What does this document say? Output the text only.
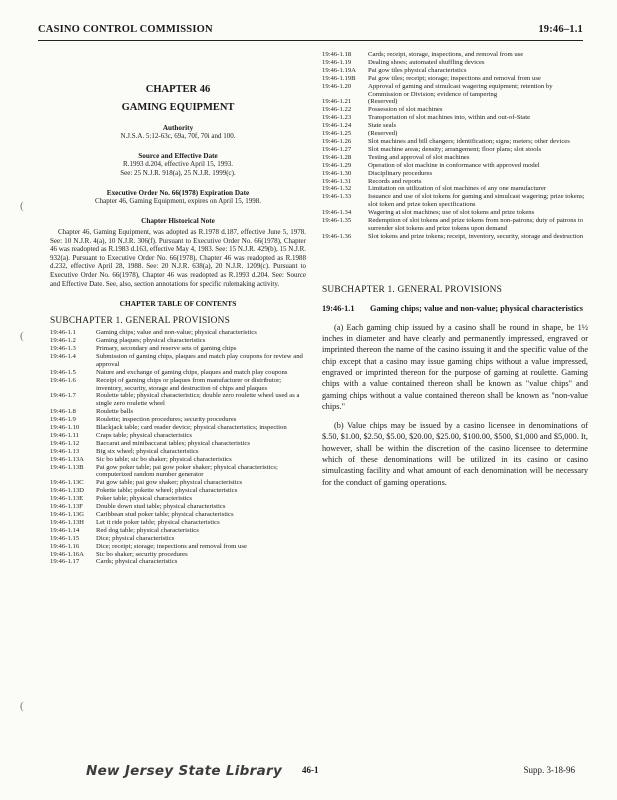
CASINO CONTROL COMMISSION	19:46–1.1
CHAPTER 46
GAMING EQUIPMENT
Authority
N.J.S.A. 5:12-63c, 69a, 70f, 70i and 100.
Source and Effective Date
R.1993 d.204, effective April 15, 1993.
See: 25 N.J.R. 918(a), 25 N.J.R. 1999(c).
Executive Order No. 66(1978) Expiration Date
Chapter 46, Gaming Equipment, expires on April 15, 1998.
Chapter Historical Note
Chapter 46, Gaming Equipment, was adopted as R.1978 d.187, effective June 5, 1978. See: 10 N.J.R. 4(a), 10 N.J.R. 306(f). Pursuant to Executive Order No. 66(1978), Chapter 46 was readopted as R.1983 d.163, effective May 4, 1983. See: 15 N.J.R. 429(b), 15 N.J.R. 932(a). Pursuant to Executive Order No. 66(1978), Chapter 46 was readopted as R.1988 d.232, effective April 28, 1988. See: 20 N.J.R. 638(a), 20 N.J.R. 1209(c). Pursuant to Executive Order No. 66(1978), Chapter 46 was readopted as R.1993 d.204. See: Source and Effective Date. See, also, section annotations for specific rulemaking activity.
CHAPTER TABLE OF CONTENTS
SUBCHAPTER 1. GENERAL PROVISIONS
19:46-1.1	Gaming chips; value and non-value; physical characteristics
19:46-1.2	Gaming plaques; physical characteristics
19:46-1.3	Primary, secondary and reserve sets of gaming chips
19:46-1.4	Submission of gaming chips, plaques and match play coupons for review and approval
19:46-1.5	Nature and exchange of gaming chips, plaques and match play coupons
19:46-1.6	Receipt of gaming chips or plaques from manufacturer or distributor; inventory, security, storage and destruction of chips and plaques
19:46-1.7	Roulette table; physical characteristics; double zero roulette wheel used as a single zero roulette wheel
19:46-1.8	Roulette balls
19:46-1.9	Roulette; inspection procedures; security procedures
19:46-1.10	Blackjack table; card reader device; physical characteristics; inspection
19:46-1.11	Craps table; physical characteristics
19:46-1.12	Baccarat and minibaccarat tables; physical characteristics
19:46-1.13	Big six wheel; physical characteristics
19:46-1.13A	Sic bo table; sic bo shaker; physical characteristics
19:46-1.13B	Pai gow poker table; pai gow poker shaker; physical characteristics; computerized random number generator
19:46-1.13C	Pai gow table; pai gow shaker; physical characteristics
19:46-1.13D	Pokette table; pokette wheel; physical characteristics
19:46-1.13E	Poker table; physical characteristics
19:46-1.13F	Double down stud table; physical characteristics
19:46-1.13G	Caribbean stud poker table; physical characteristics
19:46-1.13H	Let it ride poker table; physical characteristics
19:46-1.14	Red dog table; physical characteristics
19:46-1.15	Dice; physical characteristics
19:46-1.16	Dice; receipt; storage; inspections and removal from use
19:46-1.16A	Sic bo shaker; security procedures
19:46-1.17	Cards; physical characteristics
19:46-1.18	Cards; receipt, storage, inspections, and removal from use
19:46-1.19	Dealing shoes; automated shuffling devices
19:46-1.19A	Pai gow tiles physical characteristics
19:46-1.19B	Pai gow tiles; receipt; storage; inspections and removal from use
19:46-1.20	Approval of gaming and simulcast wagering equipment; retention by Commission or Division; evidence of tampering
19:46-1.21	(Reserved)
19:46-1.22	Possession of slot machines
19:46-1.23	Transportation of slot machines into, within and out-of-State
19:46-1.24	State seals
19:46-1.25	(Reserved)
19:46-1.26	Slot machines and bill changers; identification; signs; meters; other devices
19:46-1.27	Slot machine areas; density; arrangement; floor plans; slot stools
19:46-1.28	Testing and approval of slot machines
19:46-1.29	Operation of slot machine in conformance with approved model
19:46-1.30	Disciplinary procedures
19:46-1.31	Records and reports
19:46-1.32	Limitation on utilization of slot machines of any one manufacturer
19:46-1.33	Issuance and use of slot tokens for gaming and simulcast wagering; prize tokens; slot token and prize token specifications
19:46-1.34	Wagering at slot machines; use of slot tokens and prize tokens
19:46-1.35	Redemption of slot tokens and prize tokens from non-patrons; duty of patrons to surrender slot tokens and prize tokens upon demand
19:46-1.36	Slot tokens and prize tokens; receipt, inventory, security, storage and destruction
SUBCHAPTER 1. GENERAL PROVISIONS
19:46-1.1	Gaming chips; value and non-value; physical characteristics
(a) Each gaming chip issued by a casino shall be round in shape, be 1½ inches in diameter and have clearly and permanently impressed, engraved or imprinted thereon the name of the casino issuing it and the specific value of the chip except that a casino may issue gaming chips without a value impressed, engraved or imprinted thereon for the purpose of gaming at roulette. Gaming chips with a value contained thereon shall be known as "value chips" and gaming chips without a value contained thereon shall be known as "non-value chips."
(b) Value chips may be issued by a casino licensee in denominations of $.50, $1.00, $2.50, $5.00, $20.00, $25.00, $100.00, $500, $1,000 and $5,000. It, however, shall be within the discretion of the casino licensee to determine which of these denominations will be utilized in its casino or casino simulcasting facility and what amount of each denomination will be necessary for the conduct of gaming operations.
(
(
(
New Jersey State Library 46-1	Supp. 3-18-96
